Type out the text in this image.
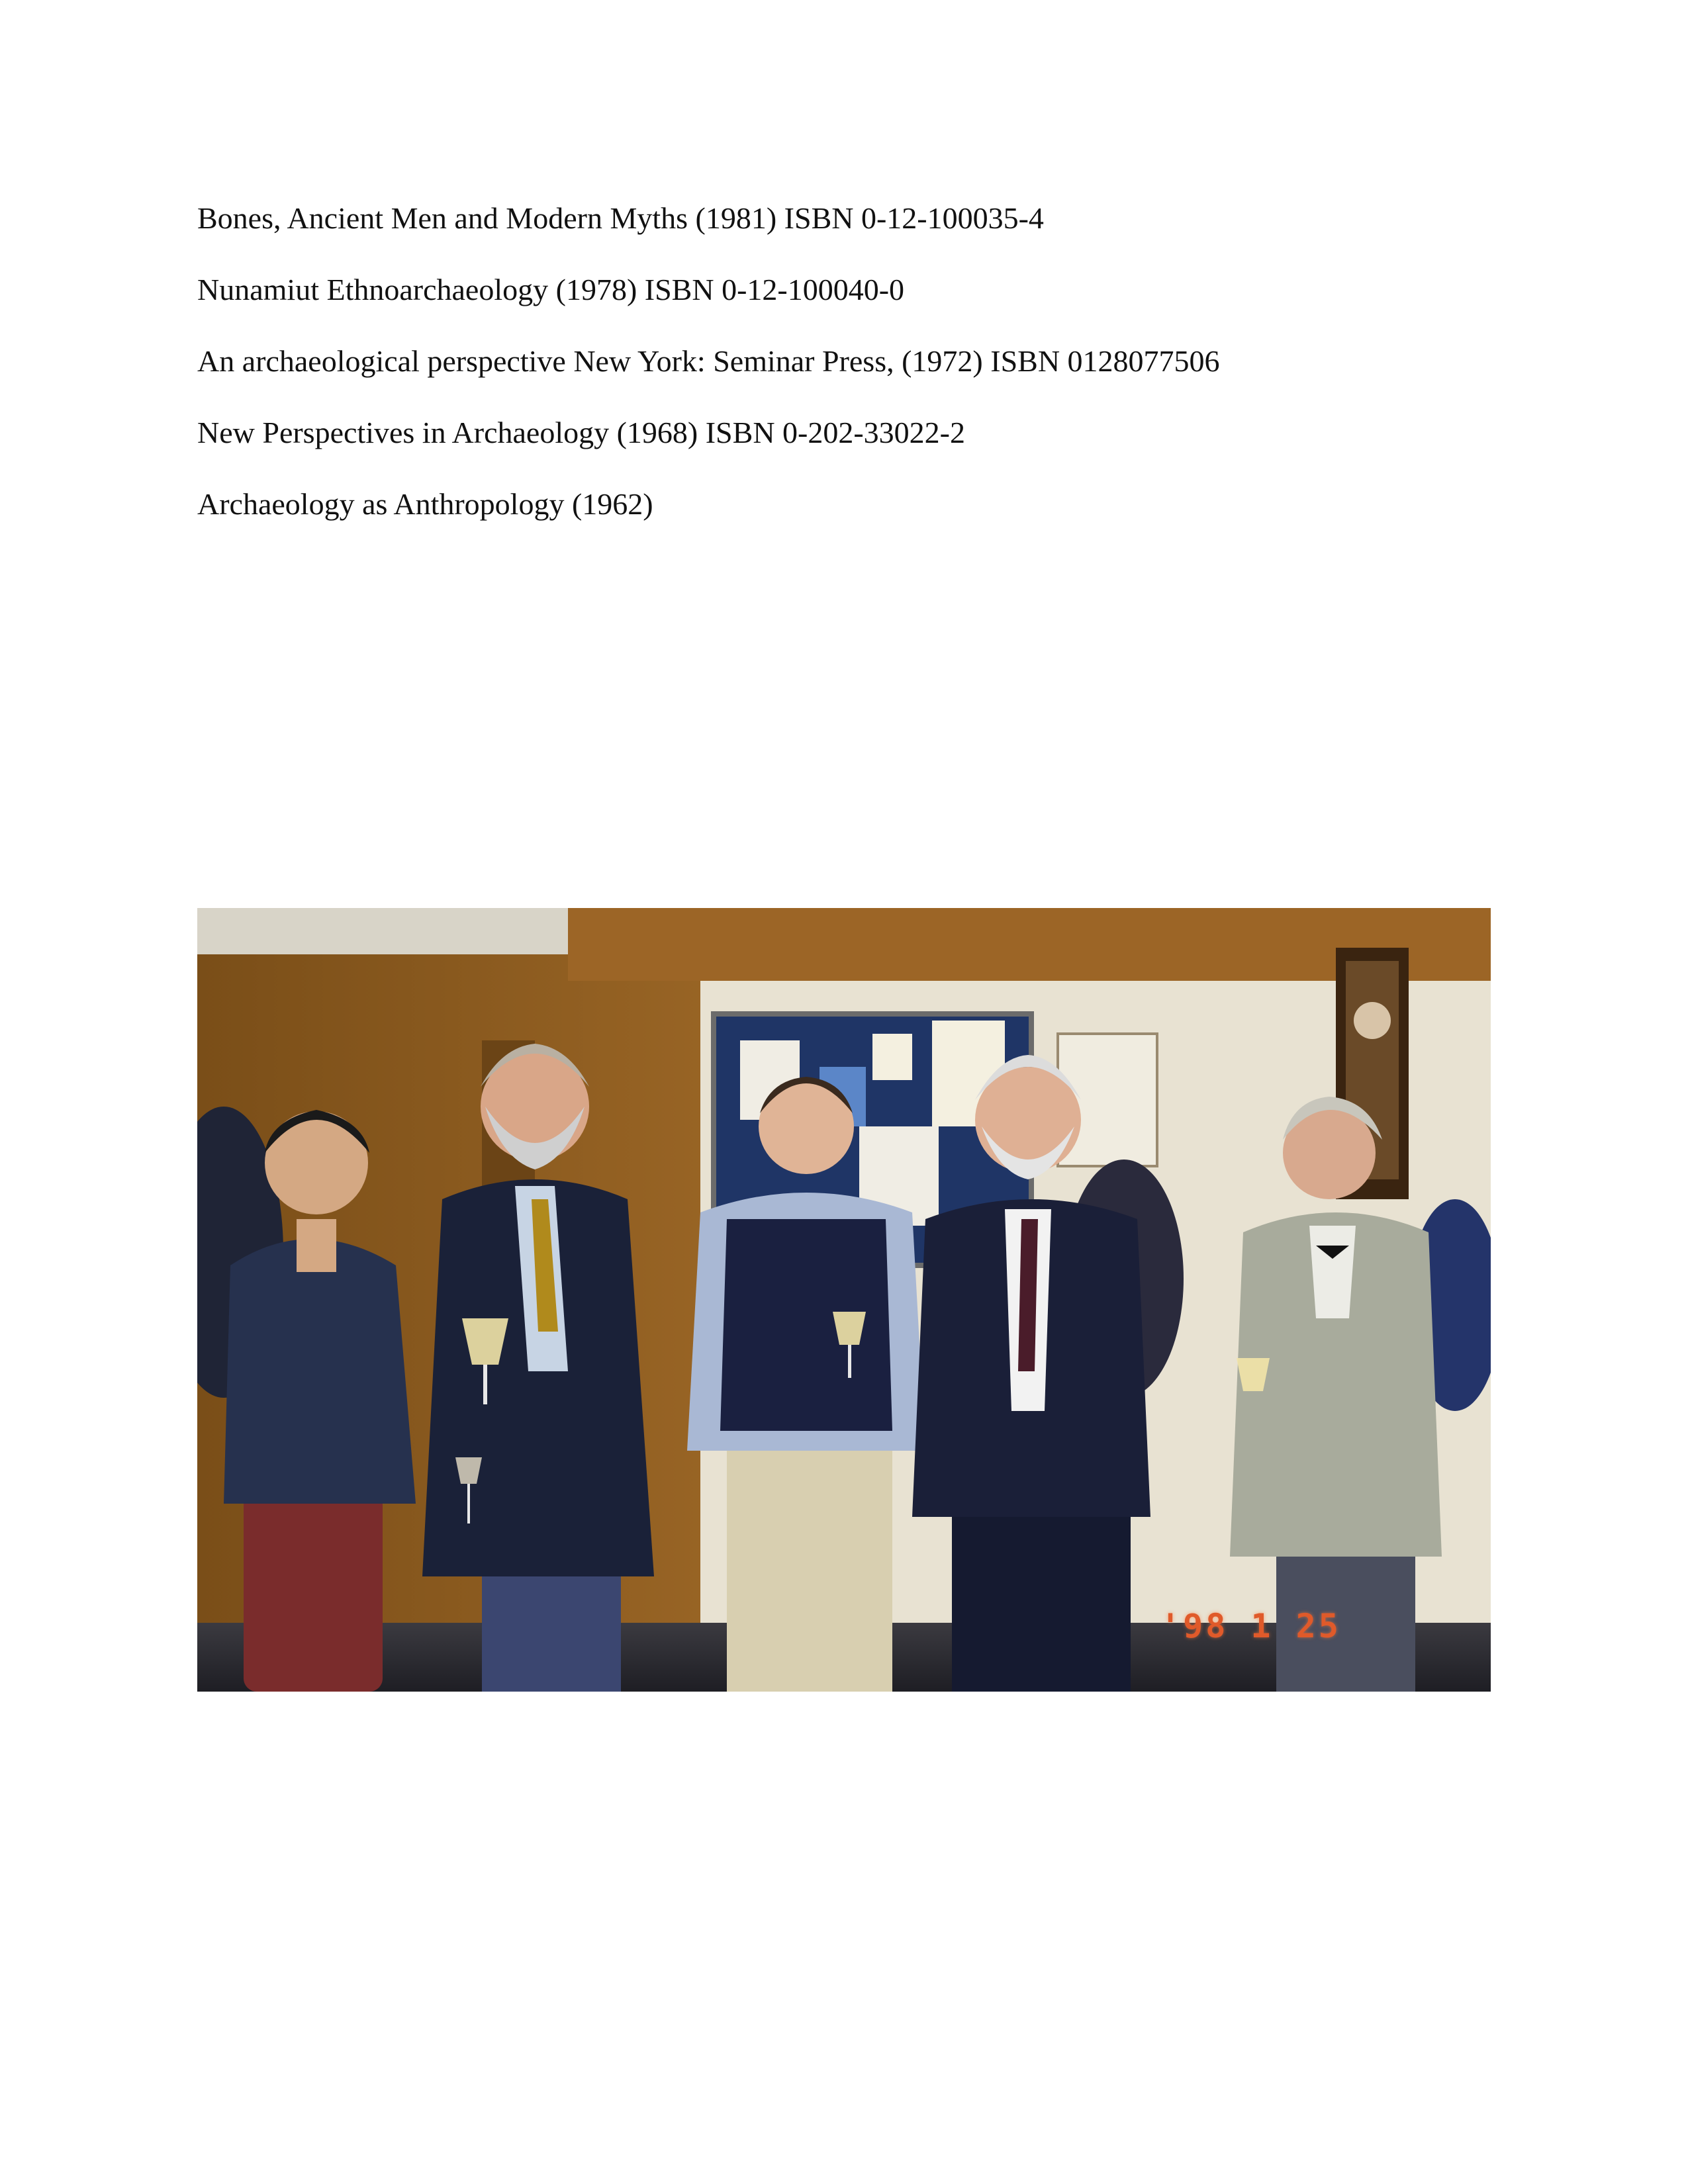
Bones, Ancient Men and Modern Myths (1981) ISBN 0-12-100035-4

Nunamiut Ethnoarchaeology (1978) ISBN 0-12-100040-0

An archaeological perspective New York: Seminar Press, (1972) ISBN 0128077506

New Perspectives in Archaeology (1968) ISBN 0-202-33022-2

Archaeology as Anthropology (1962)

'98 1 25
